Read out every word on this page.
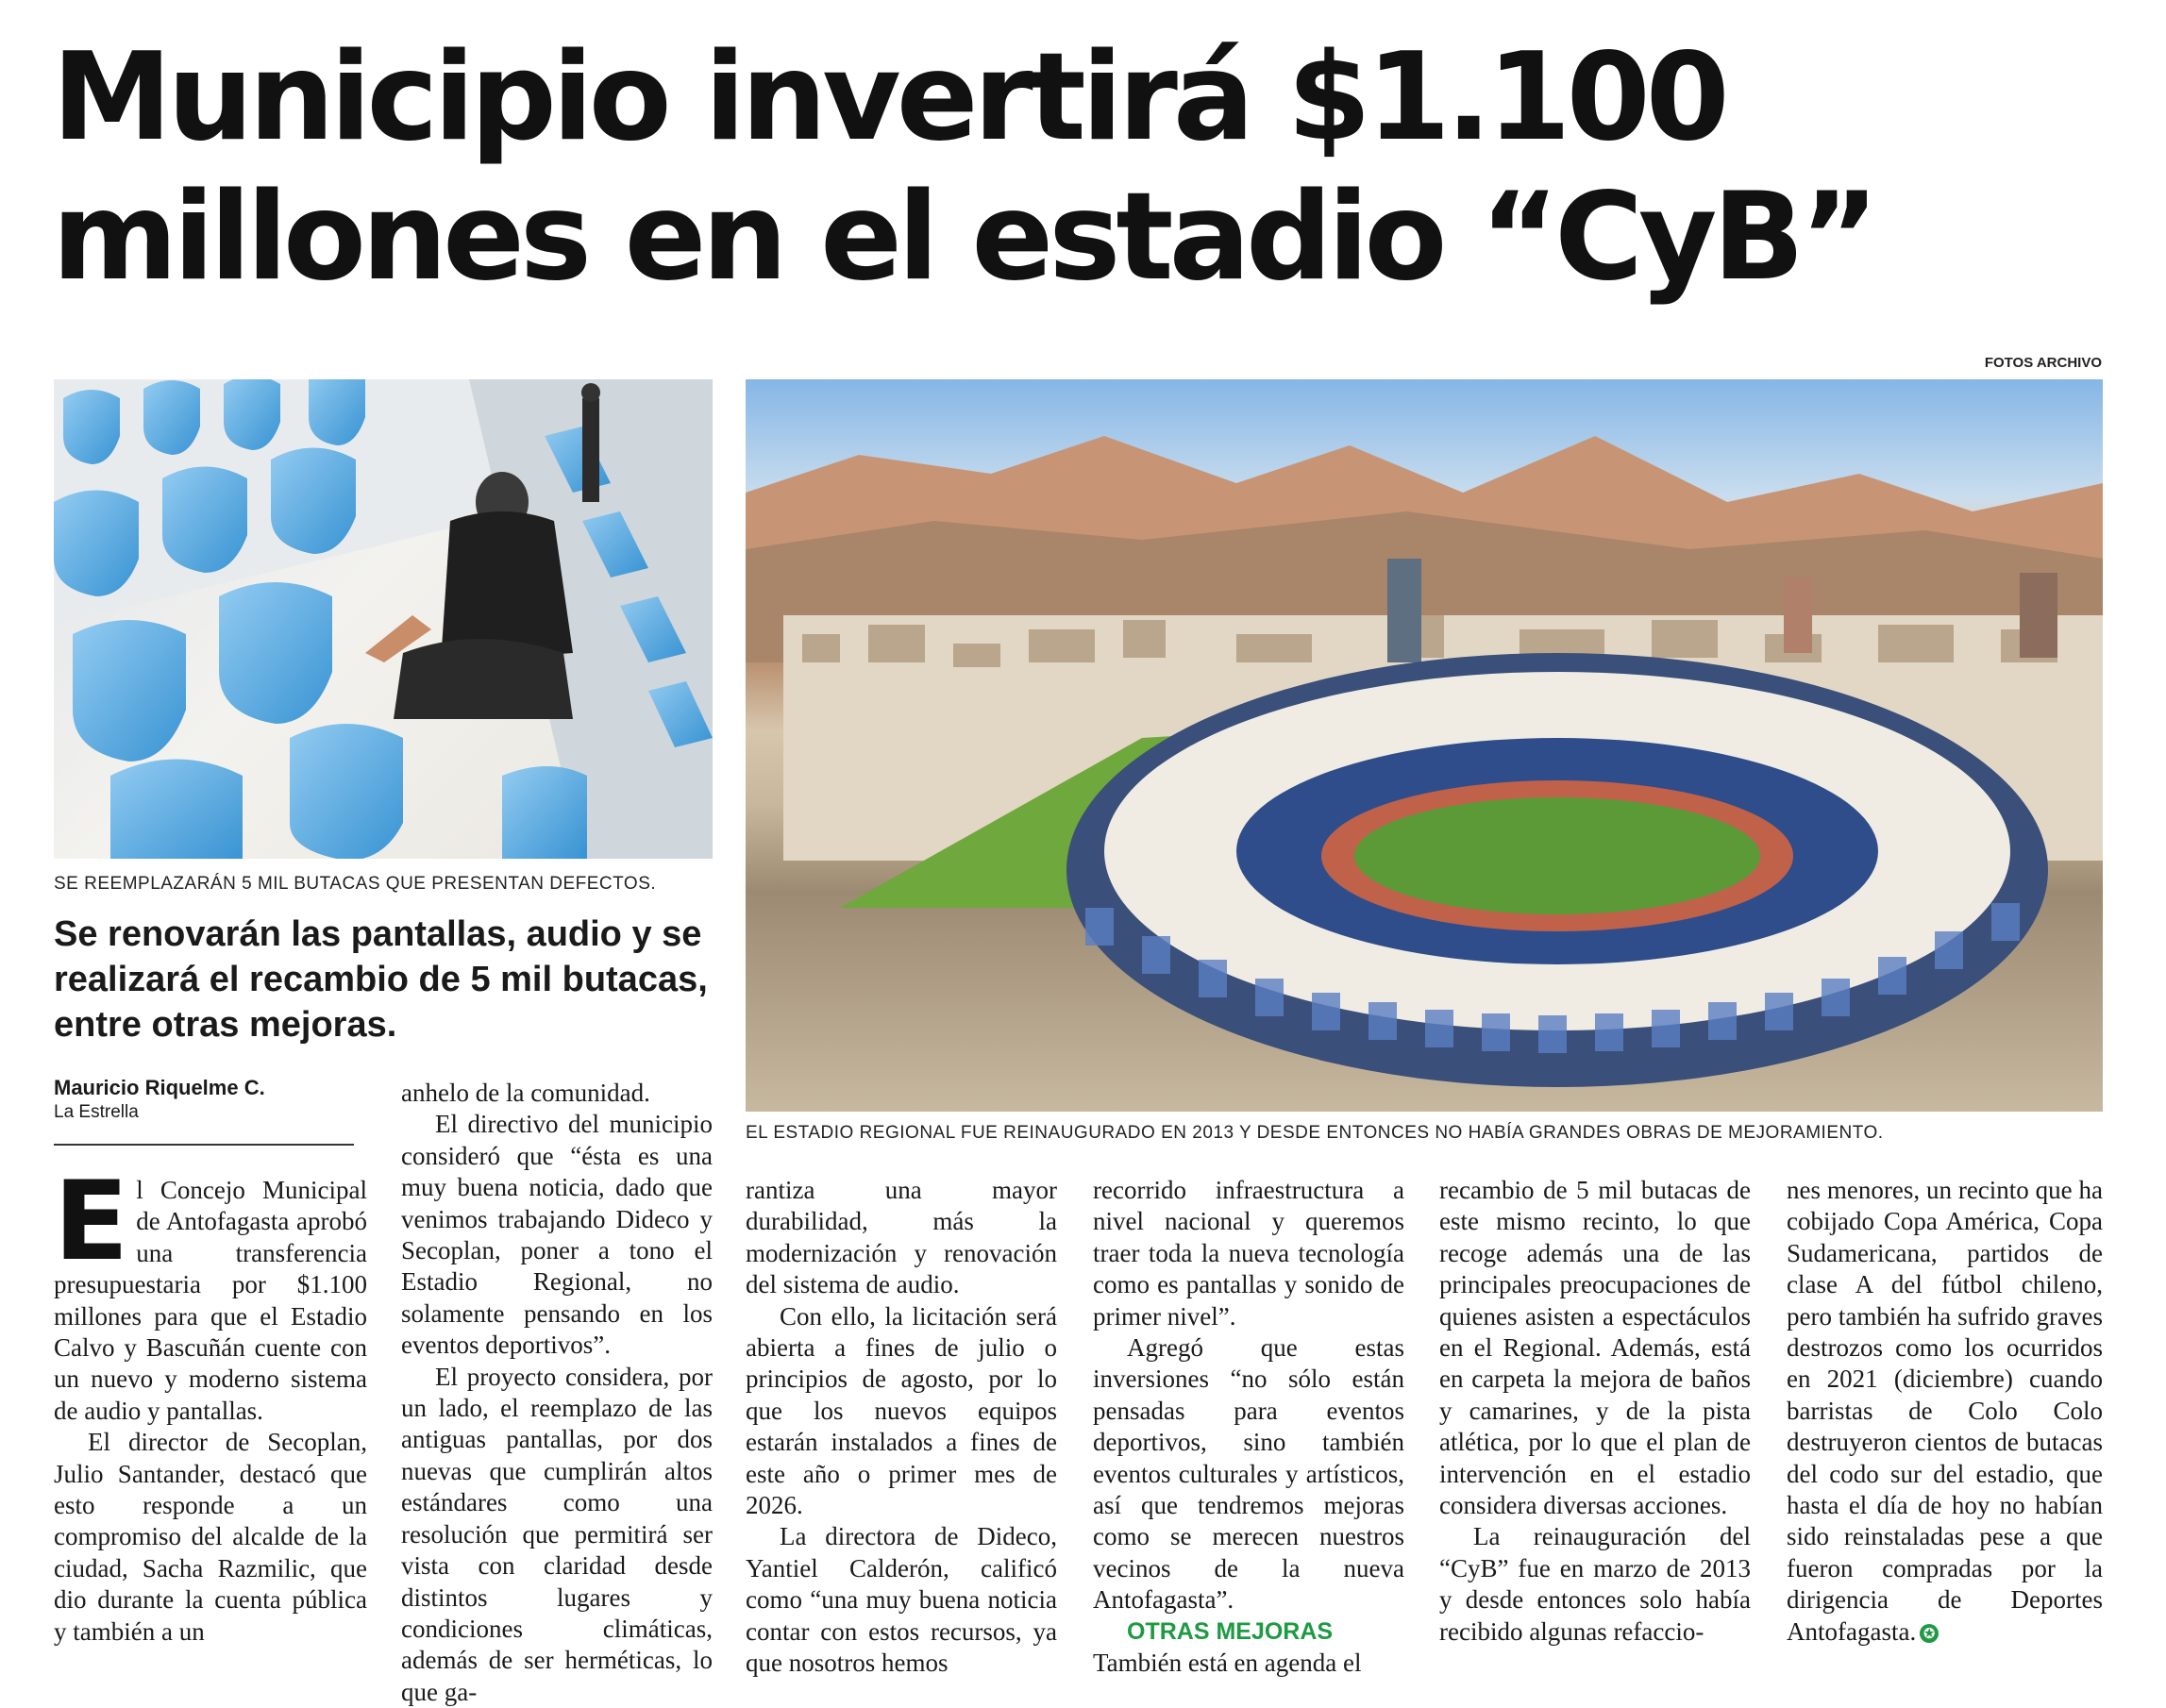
Municipio invertirá $1.100
millones en el estadio “CyB”
FOTOS ARCHIVO
SE REEMPLAZARÁN 5 MIL BUTACAS QUE PRESENTAN DEFECTOS.
EL ESTADIO REGIONAL FUE REINAUGURADO EN 2013 Y DESDE ENTONCES NO HABÍA GRANDES OBRAS DE MEJORAMIENTO.
Se renovarán las pantallas, audio y se realizará el recambio de 5 mil butacas, entre otras mejoras.
Mauricio Riquelme C.
La Estrella

El Concejo Municipal de Antofagasta aprobó una transferencia presupuestaria por $1.100 millones para que el Estadio Calvo y Bascuñán cuente con un nuevo y moderno sistema de audio y pantallas.

El director de Secoplan, Julio Santander, destacó que esto responde a un compromiso del alcalde de la ciudad, Sacha Razmilic, que dio durante la cuenta pública y también a un

anhelo de la comunidad.

El directivo del municipio consideró que “ésta es una muy buena noticia, dado que venimos trabajando Dideco y Secoplan, poner a tono el Estadio Regional, no solamente pensando en los eventos deportivos”.

El proyecto considera, por un lado, el reemplazo de las antiguas pantallas, por dos nuevas que cumplirán altos estándares como una resolución que permitirá ser vista con claridad desde distintos lugares y condiciones climáticas, además de ser herméticas, lo que ga-

rantiza una mayor durabilidad, más la modernización y renovación del sistema de audio.

Con ello, la licitación será abierta a fines de julio o principios de agosto, por lo que los nuevos equipos estarán instalados a fines de este año o primer mes de 2026.

La directora de Dideco, Yantiel Calderón, calificó como “una muy buena noticia contar con estos recursos, ya que nosotros hemos

recorrido infraestructura a nivel nacional y queremos traer toda la nueva tecnología como es pantallas y sonido de primer nivel”.

Agregó que estas inversiones “no sólo están pensadas para eventos deportivos, sino también eventos culturales y artísticos, así que tendremos mejoras como se merecen nuestros vecinos de la nueva Antofagasta”.

OTRAS MEJORAS

También está en agenda el

recambio de 5 mil butacas de este mismo recinto, lo que recoge además una de las principales preocupaciones de quienes asisten a espectáculos en el Regional. Además, está en carpeta la mejora de baños y camarines, y de la pista atlética, por lo que el plan de intervención en el estadio considera diversas acciones.

La reinauguración del “CyB” fue en marzo de 2013 y desde entonces solo había recibido algunas refaccio-

nes menores, un recinto que ha cobijado Copa América, Copa Sudamericana, partidos de clase A del fútbol chileno, pero también ha sufrido graves destrozos como los ocurridos en 2021 (diciembre) cuando barristas de Colo Colo destruyeron cientos de butacas del codo sur del estadio, que hasta el día de hoy no habían sido reinstaladas pese a que fueron compradas por la dirigencia de Deportes Antofagasta. ✪
